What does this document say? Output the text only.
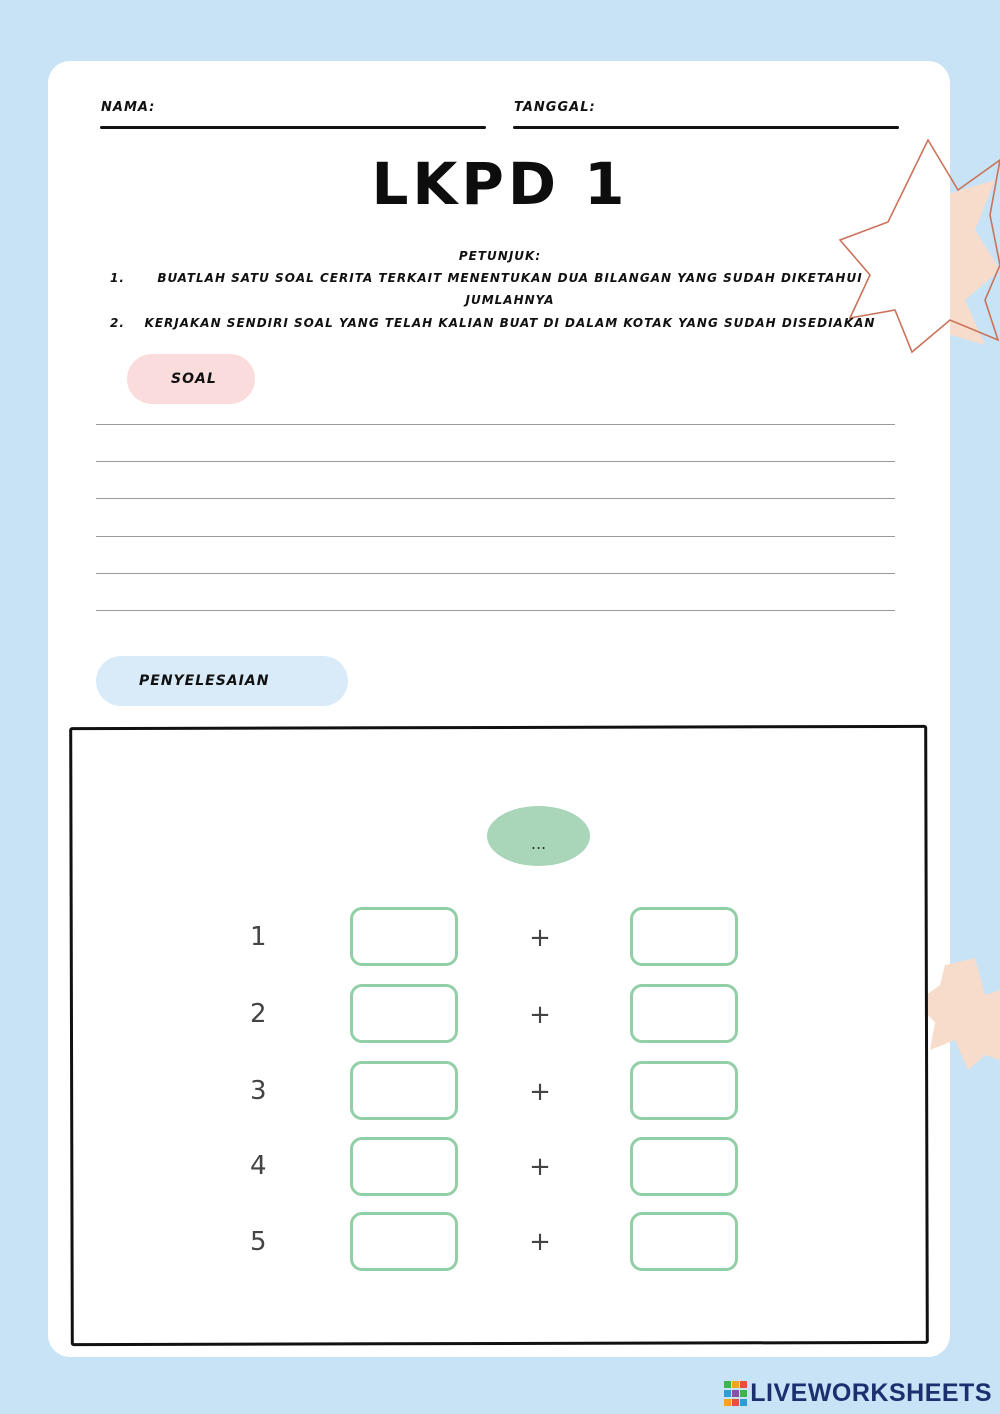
NAMA:	TANGGAL:
LKPD 1
PETUNJUK:
1.	BUATLAH SATU SOAL CERITA TERKAIT MENENTUKAN DUA BILANGAN YANG SUDAH DIKETAHUI
JUMLAHNYA
2.	KERJAKAN SENDIRI SOAL YANG TELAH KALIAN BUAT DI DALAM KOTAK YANG SUDAH DISEDIAKAN
SOAL
PENYELESAIAN
...
1	+
2	+
3	+
4	+
5	+
LIVEWORKSHEETS
